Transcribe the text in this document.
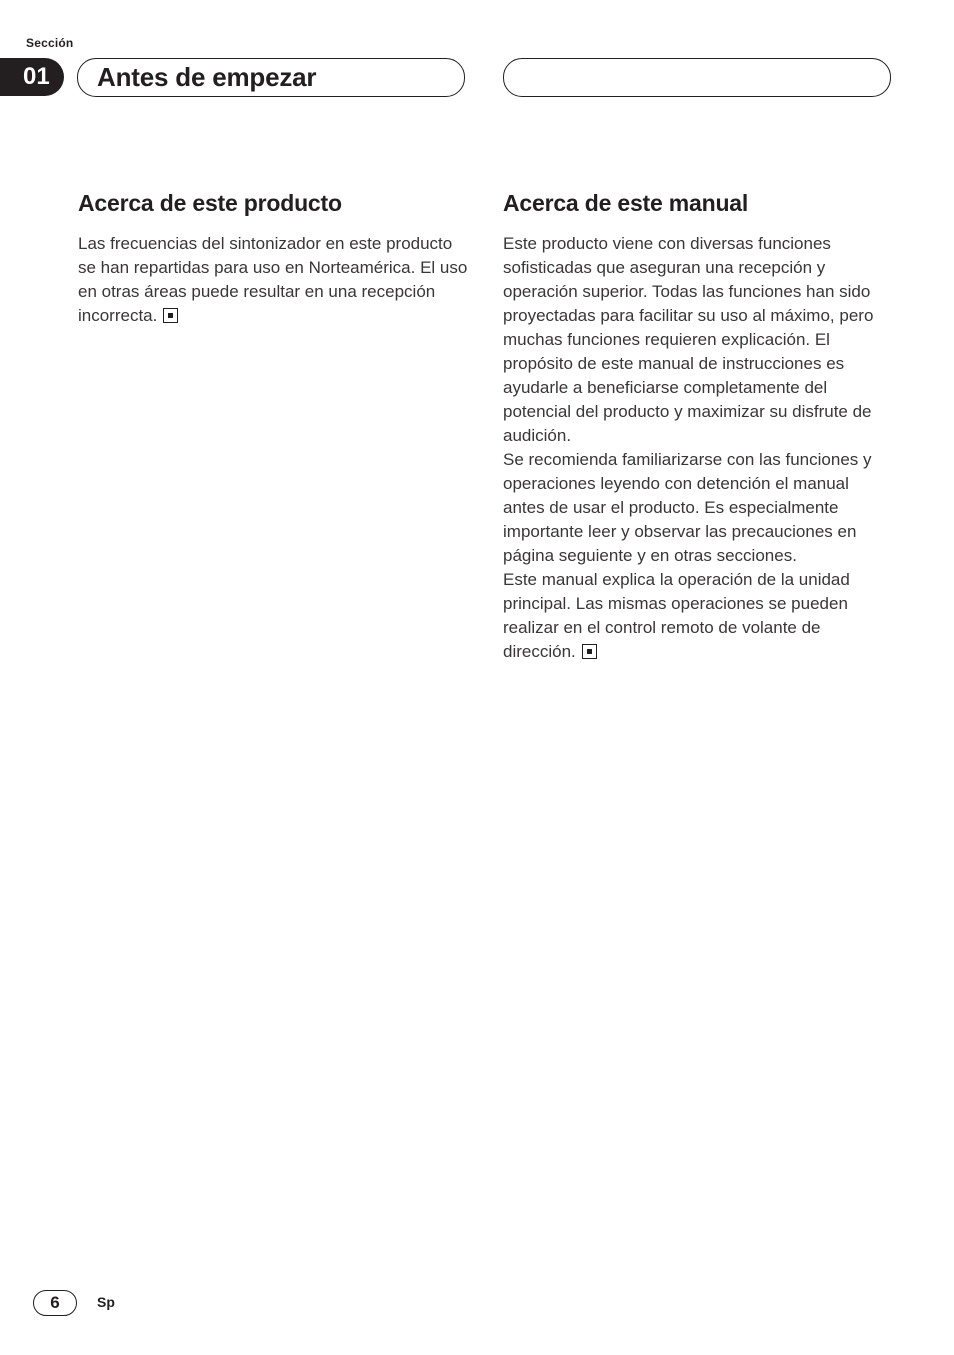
Sección
01	Antes de empezar
Acerca de este producto

Las frecuencias del sintonizador en este producto se han repartidas para uso en Norteamérica. El uso en otras áreas puede resultar en una recepción incorrecta.

Acerca de este manual

Este producto viene con diversas funciones sofisticadas que aseguran una recepción y operación superior. Todas las funciones han sido proyectadas para facilitar su uso al máximo, pero muchas funciones requieren explicación. El propósito de este manual de instrucciones es ayudarle a beneficiarse completamente del potencial del producto y maximizar su disfrute de audición.

Se recomienda familiarizarse con las funciones y operaciones leyendo con detención el manual antes de usar el producto. Es especialmente importante leer y observar las precauciones en página seguiente y en otras secciones.

Este manual explica la operación de la unidad principal. Las mismas operaciones se pueden realizar en el control remoto de volante de dirección.

6	Sp
